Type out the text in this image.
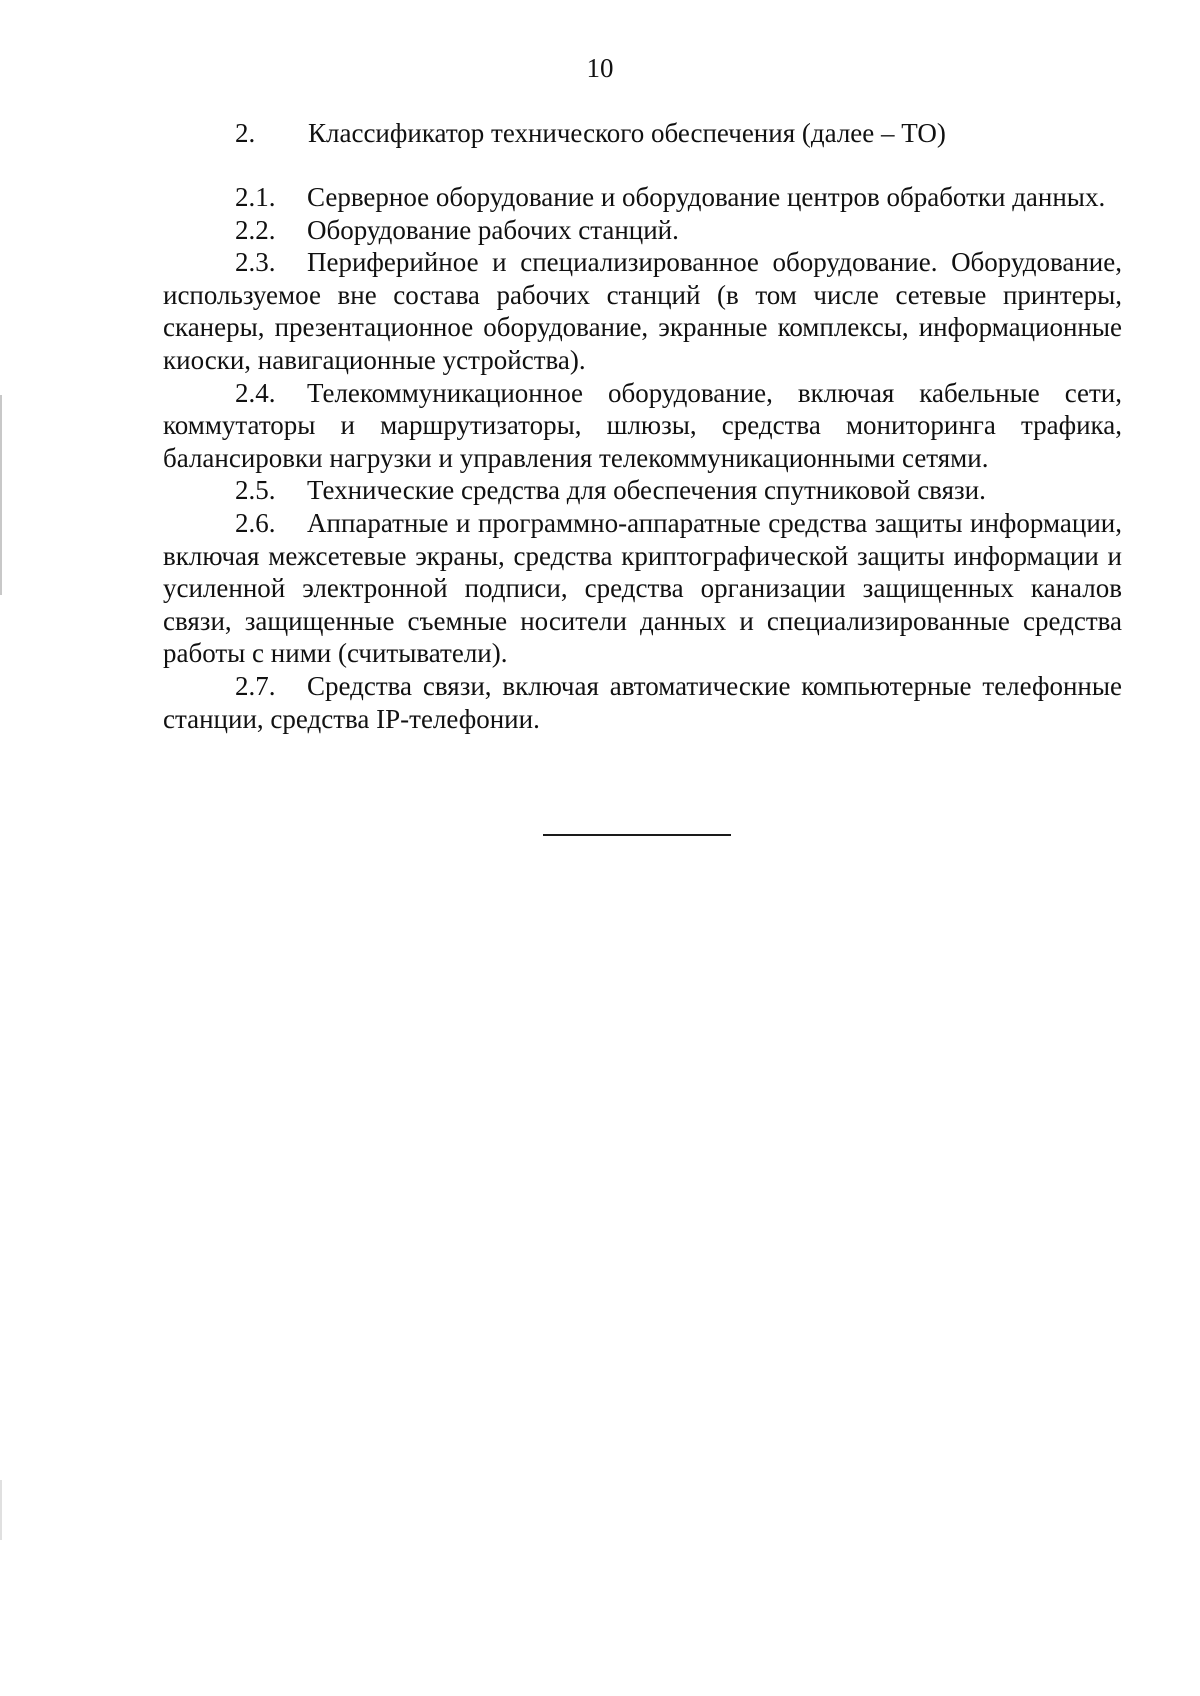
10
2. Классификатор технического обеспечения (далее – ТО)

2.1. Серверное оборудование и оборудование центров обработки данных.

2.2. Оборудование рабочих станций.

2.3. Периферийное и специализированное оборудование. Оборудование, используемое вне состава рабочих станций (в том числе сетевые принтеры, сканеры, презентационное оборудование, экранные комплексы, информационные киоски, навигационные устройства).

2.4. Телекоммуникационное оборудование, включая кабельные сети, коммутаторы и маршрутизаторы, шлюзы, средства мониторинга трафика, балансировки нагрузки и управления телекоммуникационными сетями.

2.5. Технические средства для обеспечения спутниковой связи.

2.6. Аппаратные и программно-аппаратные средства защиты информации, включая межсетевые экраны, средства криптографической защиты информации и усиленной электронной подписи, средства организации защищенных каналов связи, защищенные съемные носители данных и специализированные средства работы с ними (считыватели).

2.7. Средства связи, включая автоматические компьютерные телефонные станции, средства IP-телефонии.
